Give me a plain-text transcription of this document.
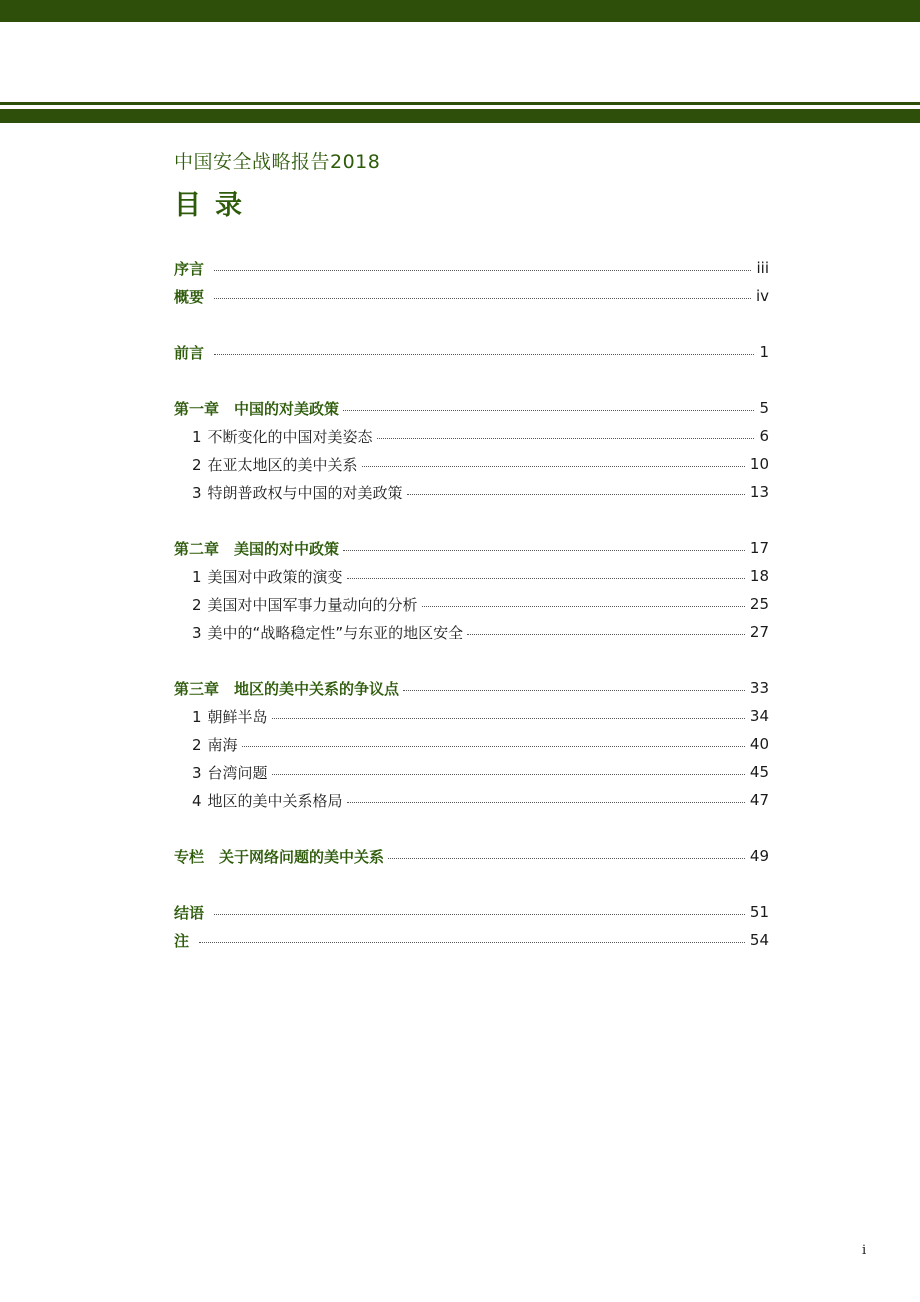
中国安全战略报告2018
目录
序言	iii
概要	iv
前言	1
第一章　中国的对美政策	5
1 不断变化的中国对美姿态	6
2 在亚太地区的美中关系	10
3 特朗普政权与中国的对美政策	13
第二章　美国的对中政策	17
1 美国对中政策的演变	18
2 美国对中国军事力量动向的分析	25
3 美中的“战略稳定性”与东亚的地区安全	27
第三章　地区的美中关系的争议点	33
1 朝鲜半岛	34
2 南海	40
3 台湾问题	45
4 地区的美中关系格局	47
专栏　关于网络问题的美中关系	49
结语	51
注	54
i
